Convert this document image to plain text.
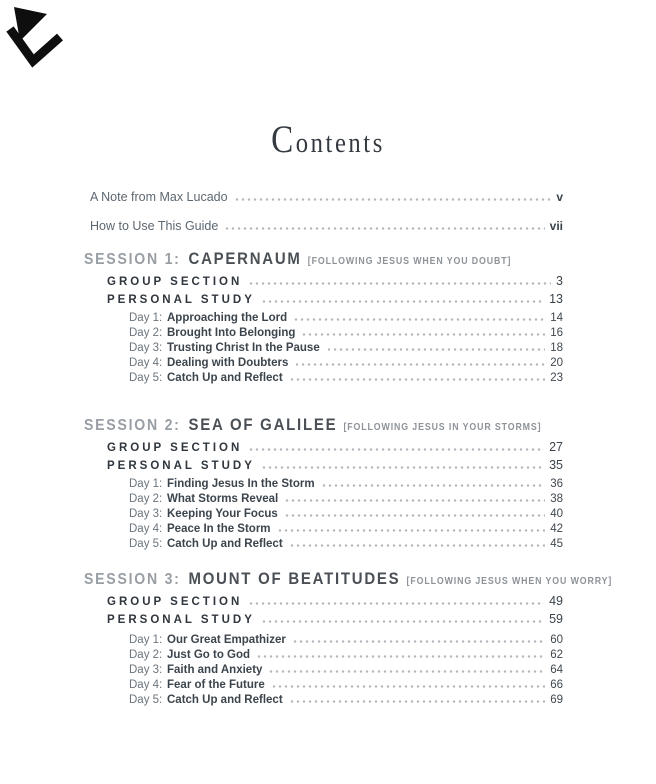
Contents
A Note from Max Lucado	v
How to Use This Guide	vii
SESSION 1: CAPERNAUM [FOLLOWING JESUS WHEN YOU DOUBT]
GROUP SECTION	3
PERSONAL STUDY	13
Day 1: Approaching the Lord	14
Day 2: Brought Into Belonging	16
Day 3: Trusting Christ In the Pause	18
Day 4: Dealing with Doubters	20
Day 5: Catch Up and Reflect	23
SESSION 2: SEA OF GALILEE [FOLLOWING JESUS IN YOUR STORMS]
GROUP SECTION	27
PERSONAL STUDY	35
Day 1: Finding Jesus In the Storm	36
Day 2: What Storms Reveal	38
Day 3: Keeping Your Focus	40
Day 4: Peace In the Storm	42
Day 5: Catch Up and Reflect	45
SESSION 3: MOUNT OF BEATITUDES [FOLLOWING JESUS WHEN YOU WORRY]
GROUP SECTION	49
PERSONAL STUDY	59
Day 1: Our Great Empathizer	60
Day 2: Just Go to God	62
Day 3: Faith and Anxiety	64
Day 4: Fear of the Future	66
Day 5: Catch Up and Reflect	69
